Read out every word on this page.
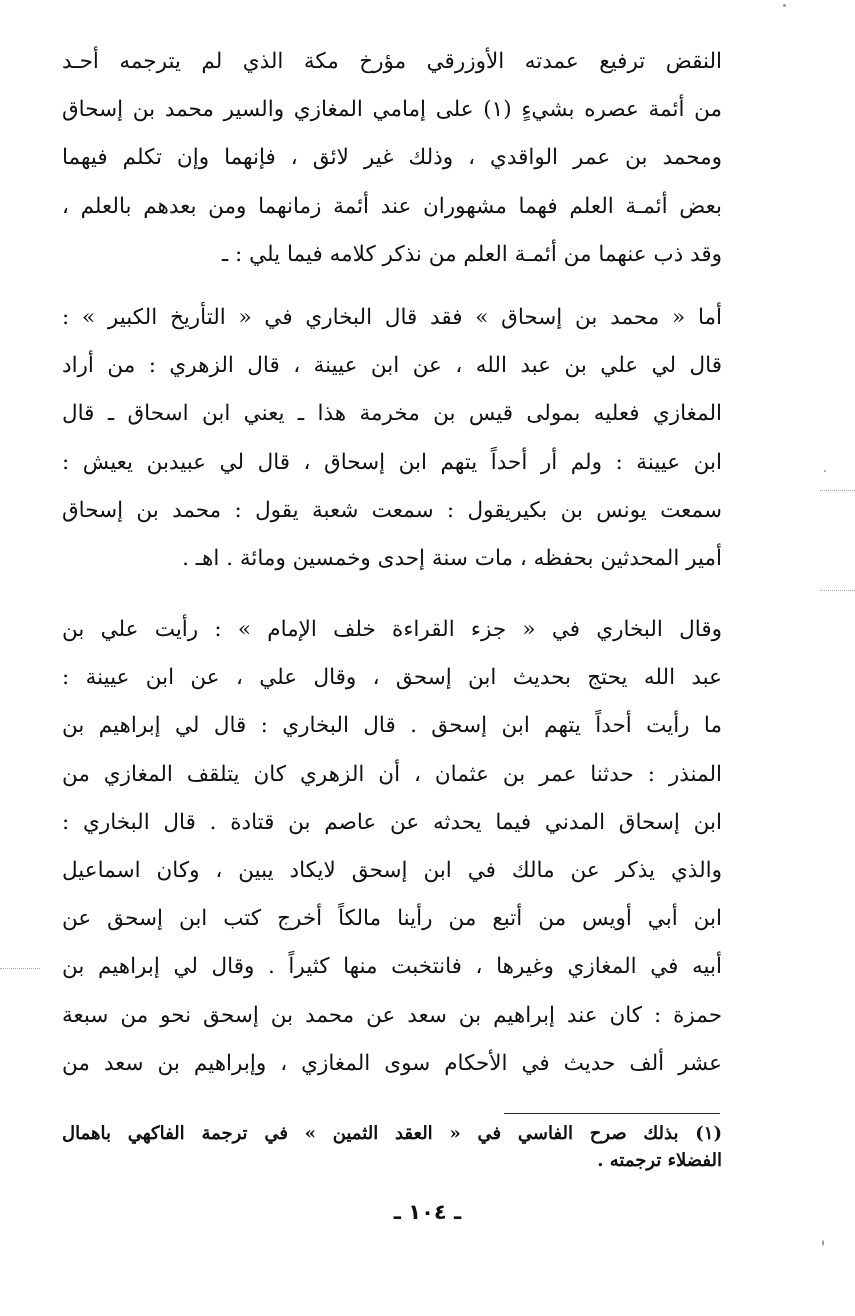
النقض ترفيع عمدته الأوزرقي مؤرخ مكة الذي لم يترجمه أحـد
من أئمة عصره بشيءٍ (١) على إمامي المغازي والسير محمد بن إسحاق
ومحمد بن عمر الواقدي ، وذلك غير لائق ، فإنهما وإن تكلم فيهما
بعض أئمـة العلم فهما مشهوران عند أئمة زمانهما ومن بعدهم بالعلم ،
وقد ذب عنهما من أئمـة العلم من نذكر كلامه فيما يلي : ـ
أما « محمد بن إسحاق » فقد قال البخاري في « التأريخ الكبير » :
قال لي علي بن عبد الله ، عن ابن عيينة ، قال الزهري : من أراد
المغازي فعليه بمولى قيس بن مخرمة هذا ـ يعني ابن اسحاق ـ قال
ابن عيينة : ولم أر أحداً يتهم ابن إسحاق ، قال لي عبيدبن يعيش :
سمعت يونس بن بكيريقول : سمعت شعبة يقول : محمد بن إسحاق
أمير المحدثين بحفظه ، مات سنة إحدى وخمسين ومائة . اهـ .
وقال البخاري في « جزء القراءة خلف الإمام » : رأيت علي بن
عبد الله يحتج بحديث ابن إسحق ، وقال علي ، عن ابن عيينة :
ما رأيت أحداً يتهم ابن إسحق . قال البخاري : قال لي إبراهيم بن
المنذر : حدثنا عمر بن عثمان ، أن الزهري كان يتلقف المغازي من
ابن إسحاق المدني فيما يحدثه عن عاصم بن قتادة . قال البخاري :
والذي يذكر عن مالك في ابن إسحق لايكاد يبين ، وكان اسماعيل
ابن أبي أويس من أتبع من رأينا مالكاً أخرج كتب ابن إسحق عن
أبيه في المغازي وغيرها ، فانتخبت منها كثيراً . وقال لي إبراهيم بن
حمزة : كان عند إبراهيم بن سعد عن محمد بن إسحق نحو من سبعة
عشر ألف حديث في الأحكام سوى المغازي ، وإبراهيم بن سعد من
(١) بذلك صرح الفاسي في « العقد الثمين » في ترجمة الفاكهي باهمال
الفضلاء ترجمته .
ـ ١٠٤ ـ
